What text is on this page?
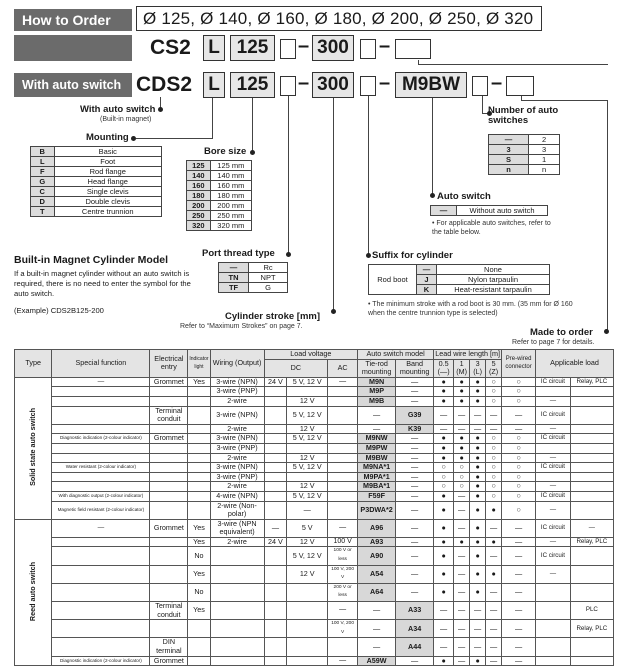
How to Order	Ø 125, Ø 140, Ø 160, Ø 180, Ø 200, Ø 250, Ø 320
CS2 L 125	– 300 –
With auto switch CDS2 L 125	– 300 – M9BW	–
With auto switch
(Built-in magnet)
Mounting
B	Basic
L	Foot
F	Rod flange
G	Head flange
C	Single clevis
D	Double clevis
T	Centre trunnion
Bore size
125	125 mm
140	140 mm
160	160 mm
180	180 mm
200	200 mm
250	250 mm
320	320 mm
Number of auto switches
—	2
3	3
S	1
n	n
Auto switch
—	Without auto switch
• For applicable auto switches, refer to the table below.
Built-in Magnet Cylinder Model
If a built-in magnet cylinder without an auto switch is required, there is no need to enter the symbol for the auto switch.
(Example) CDS2B125-200
Port thread type
—	Rc
TN	NPT
TF	G
Suffix for cylinder
Rod boot	—	None
	J	Nylon tarpaulin
	K	Heat-resistant tarpaulin
• The minimum stroke with a rod boot is 30 mm. (35 mm for Ø 160 when the centre trunnion type is selected)
Cylinder stroke [mm]
Refer to “Maximum Strokes” on page 7.
Made to order
Refer to page 7 for details.
Type	Special function	Electrical entry	Indicator light	Wiring (Output)	Load voltage			Auto switch model		Lead wire length [m]				Pre-wired connector	Applicable load	
					DC		AC	Tie-rod mounting	Band mounting	0.5 (—)	1 (M)	3 (L)	5 (Z)			

Solid state auto switch	—	Grommet	Yes	3-wire (NPN)	24 V	5 V, 12 V	—	M9N	—	●	●	●	○	○	IC circuit	Relay, PLC
				3-wire (PNP)				M9P	—	●	●	●	○	○		
				2-wire		12 V		M9B	—	●	●	●	○	○	—	
		Terminal conduit		3-wire (NPN)		5 V, 12 V		—	G39	—	—	—	—	—	IC circuit	
				2-wire		12 V		—	K39	—	—	—	—	—	—	
	Diagnostic indication (2-colour indicator)	Grommet		3-wire (NPN)		5 V, 12 V		M9NW	—	●	●	●	○	○	IC circuit	
				3-wire (PNP)				M9PW	—	●	●	●	○	○		
				2-wire		12 V		M9BW	—	●	●	●	○	○	—	
	Water resistant (2-colour indicator)			3-wire (NPN)		5 V, 12 V		M9NA*1	—	○	○	●	○	○	IC circuit	
				3-wire (PNP)				M9PA*1	—	○	○	●	○	○		
				2-wire		12 V		M9BA*1	—	○	○	●	○	○	—	
	With diagnostic output (2-colour indicator)			4-wire (NPN)		5 V, 12 V		F59F	—	●	—	●	○	○	IC circuit	
	Magnetic field resistant (2-colour indicator)			2-wire (Non-polar)		—		P3DWA*2	—	●	—	●	●	○	—	
Reed auto switch	—	Grommet	Yes	3-wire (NPN equivalent)	—	5 V	—	A96	—	●	—	●	—	—	IC circuit	—
			Yes	2-wire	24 V	12 V	100 V	A93	—	●	●	●	●	—	—	Relay, PLC
			No			5 V, 12 V	100 V or less	A90	—	●	—	●	—	—	IC circuit	
			Yes			12 V	100 V, 200 V	A54	—	●	—	●	●	—	—	
			No				200 V or less	A64	—	●	—	●	—	—		
		Terminal conduit	Yes				—	—	A33	—	—	—	—	—		PLC
							100 V, 200 V	—	A34	—	—	—	—	—		Relay, PLC
		DIN terminal						—	A44	—	—	—	—	—		
	Diagnostic indication (2-colour indicator)	Grommet					—	A59W	—	●	—	●	—	—		
